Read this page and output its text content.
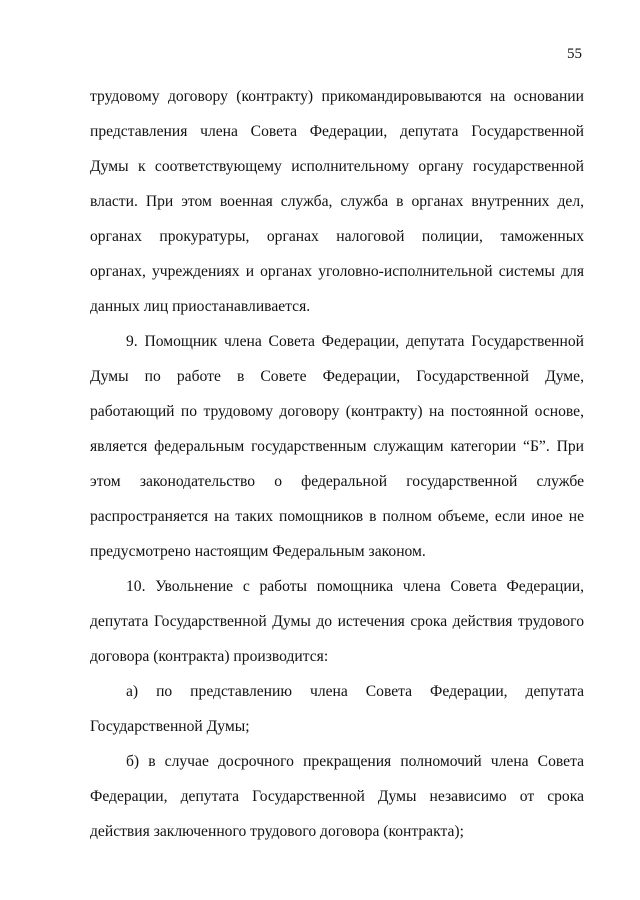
55
трудовому договору (контракту) прикомандировываются на основании
представления члена Совета Федерации, депутата Государственной
Думы к соответствующему исполнительному органу государственной
власти. При этом военная служба, служба в органах внутренних дел,
органах прокуратуры, органах налоговой полиции, таможенных
органах, учреждениях и органах уголовно-исполнительной системы для
данных лиц приостанавливается.
9. Помощник члена Совета Федерации, депутата Государственной
Думы по работе в Совете Федерации, Государственной Думе,
работающий по трудовому договору (контракту) на постоянной основе,
является федеральным государственным служащим категории “Б”. При
этом законодательство о федеральной государственной службе
распространяется на таких помощников в полном объеме, если иное не
предусмотрено настоящим Федеральным законом.
10. Увольнение с работы помощника члена Совета Федерации,
депутата Государственной Думы до истечения срока действия трудового
договора (контракта) производится:
а) по представлению члена Совета Федерации, депутата
Государственной Думы;
б) в случае досрочного прекращения полномочий члена Совета
Федерации, депутата Государственной Думы независимо от срока
действия заключенного трудового договора (контракта);
